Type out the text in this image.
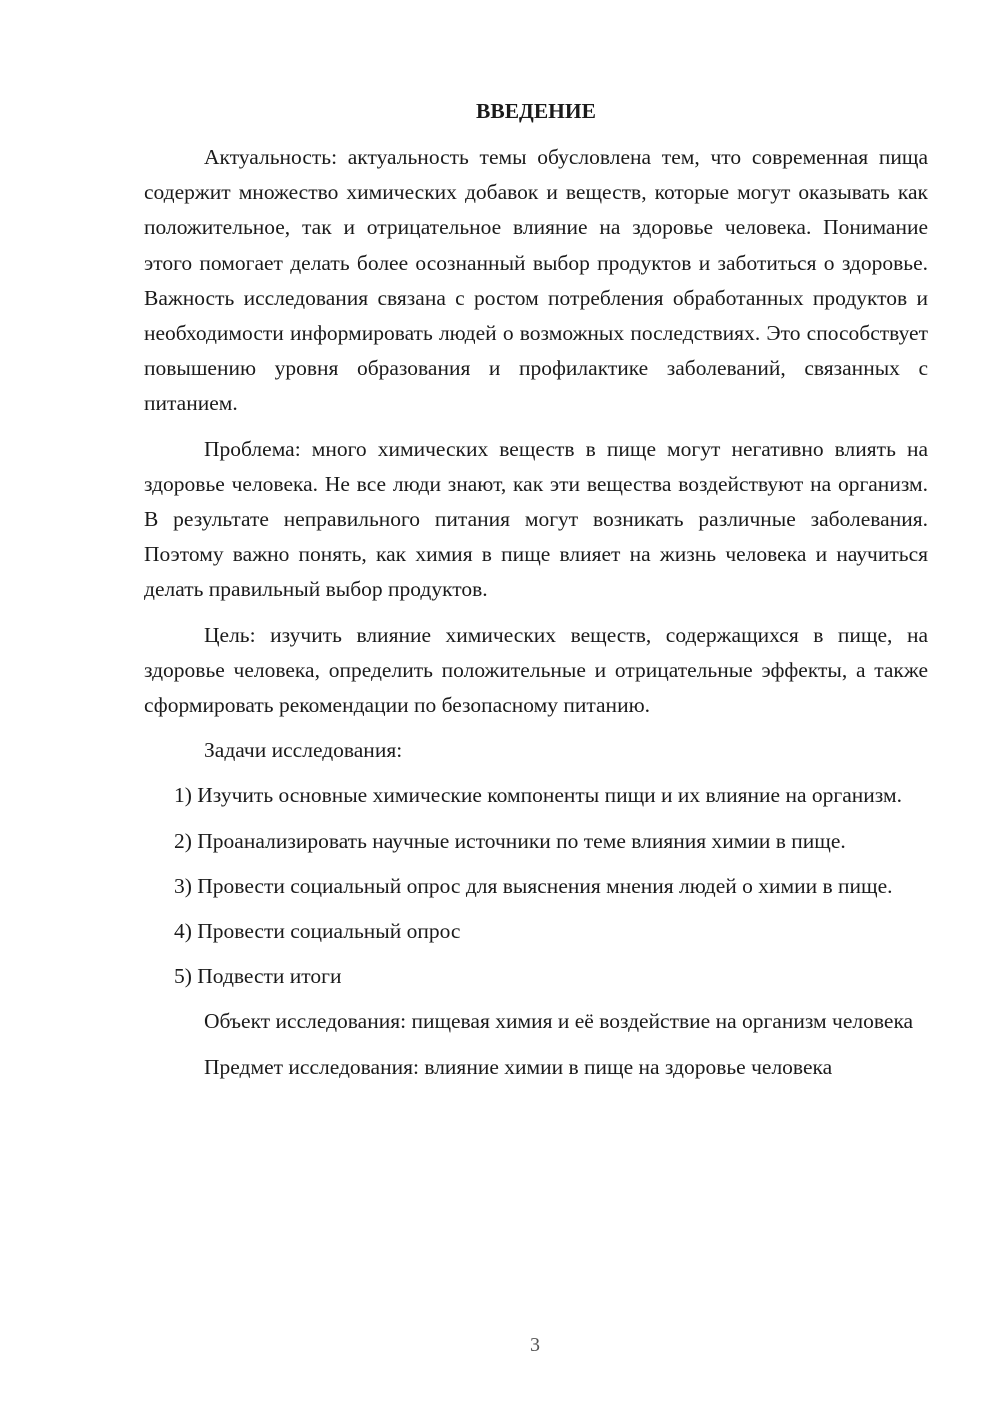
ВВЕДЕНИЕ

Актуальность: актуальность темы обусловлена тем, что современная пища содержит множество химических добавок и веществ, которые могут оказывать как положительное, так и отрицательное влияние на здоровье человека. Понимание этого помогает делать более осознанный выбор продуктов и заботиться о здоровье. Важность исследования связана с ростом потребления обработанных продуктов и необходимости информировать людей о возможных последствиях. Это способствует повышению уровня образования и профилактике заболеваний, связанных с питанием.

Проблема: много химических веществ в пище могут негативно влиять на здоровье человека. Не все люди знают, как эти вещества воздействуют на организм. В результате неправильного питания могут возникать различные заболевания. Поэтому важно понять, как химия в пище влияет на жизнь человека и научиться делать правильный выбор продуктов.

Цель: изучить влияние химических веществ, содержащихся в пище, на здоровье человека, определить положительные и отрицательные эффекты, а также сформировать рекомендации по безопасному питанию.

Задачи исследования:

1) Изучить основные химические компоненты пищи и их влияние на организм.

2) Проанализировать научные источники по теме влияния химии в пище.

3) Провести социальный опрос для выяснения мнения людей о химии в пище.

4) Провести социальный опрос

5) Подвести итоги

Объект исследования: пищевая химия и её воздействие на организм человека

Предмет исследования: влияние химии в пище на здоровье человека

3
